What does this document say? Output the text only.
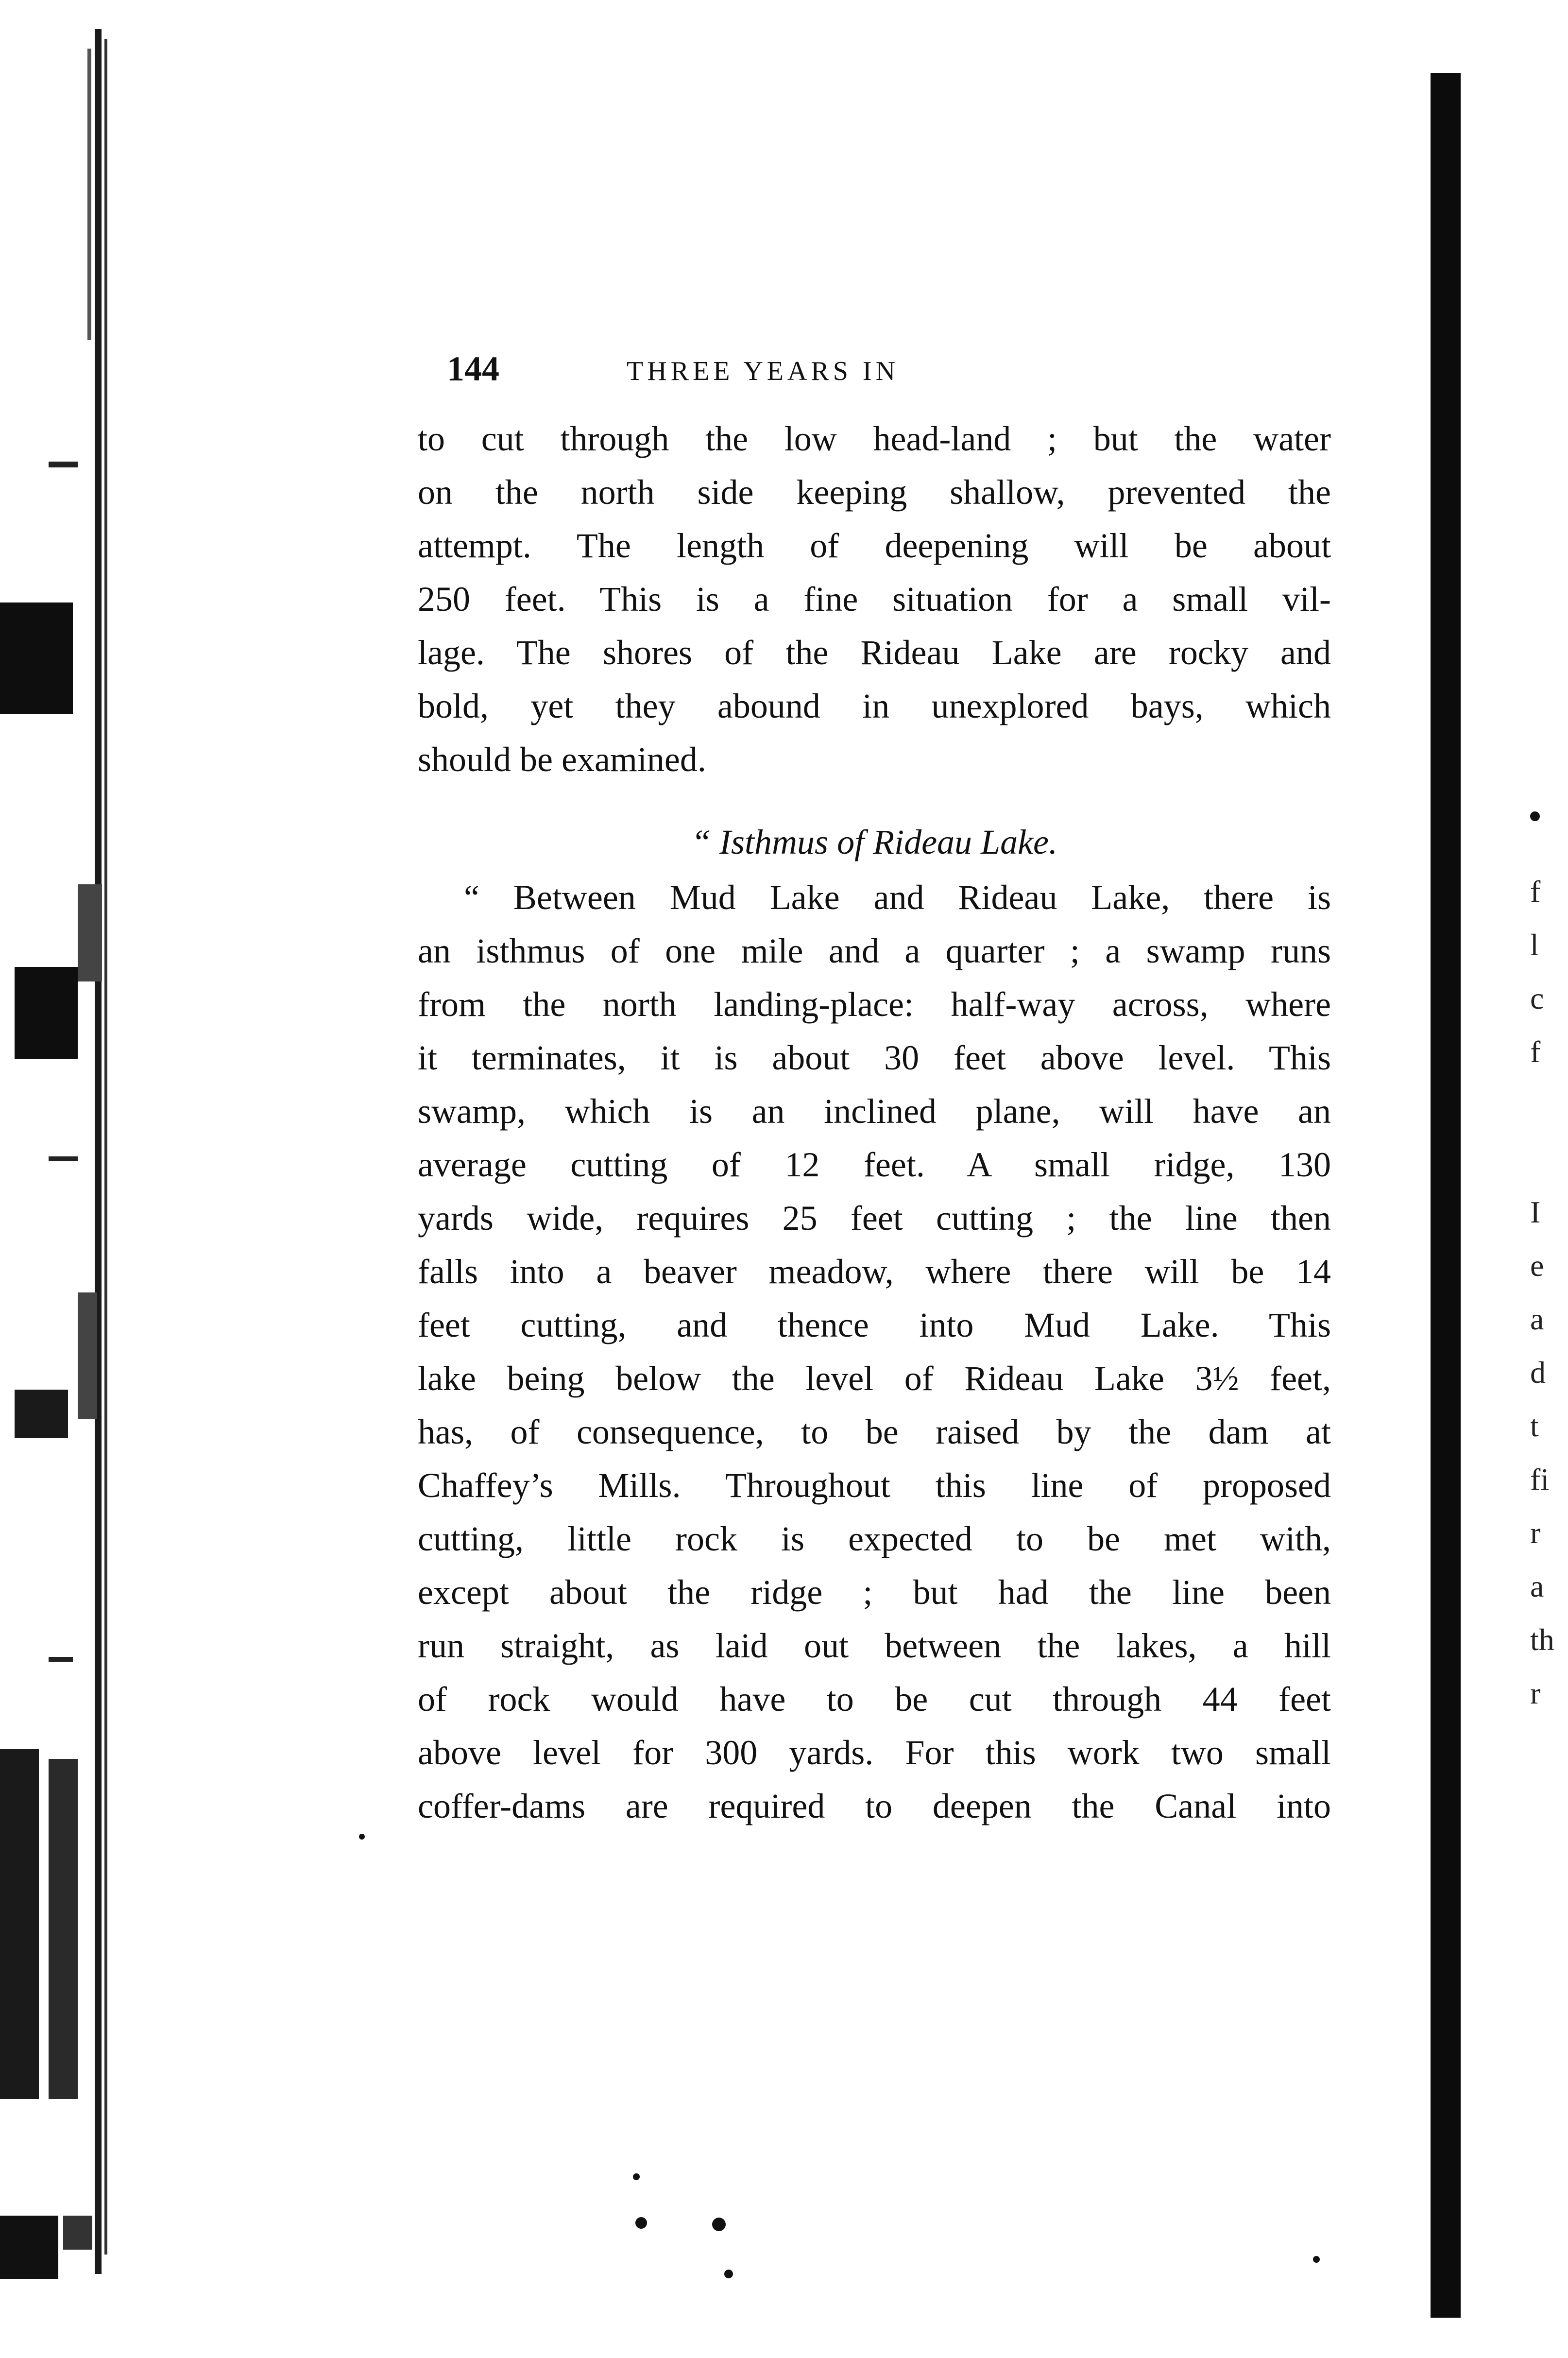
144	THREE YEARS IN
to cut through the low head-land ; but the water
on the north side keeping shallow, prevented the
attempt. The length of deepening will be about
250 feet. This is a fine situation for a small vil-
lage. The shores of the Rideau Lake are rocky and
bold, yet they abound in unexplored bays, which
should be examined.
“ Isthmus of Rideau Lake.
“ Between Mud Lake and Rideau Lake, there is
an isthmus of one mile and a quarter ; a swamp runs
from the north landing-place: half-way across, where
it terminates, it is about 30 feet above level. This
swamp, which is an inclined plane, will have an
average cutting of 12 feet. A small ridge, 130
yards wide, requires 25 feet cutting ; the line then
falls into a beaver meadow, where there will be 14
feet cutting, and thence into Mud Lake. This
lake being below the level of Rideau Lake 3½ feet,
has, of consequence, to be raised by the dam at
Chaffey’s Mills. Throughout this line of proposed
cutting, little rock is expected to be met with,
except about the ridge ; but had the line been
run straight, as laid out between the lakes, a hill
of rock would have to be cut through 44 feet
above level for 300 yards. For this work two small
coffer-dams are required to deepen the Canal into
f
l
c
f
I
e
a
d
t
fi
r
a
th
r
